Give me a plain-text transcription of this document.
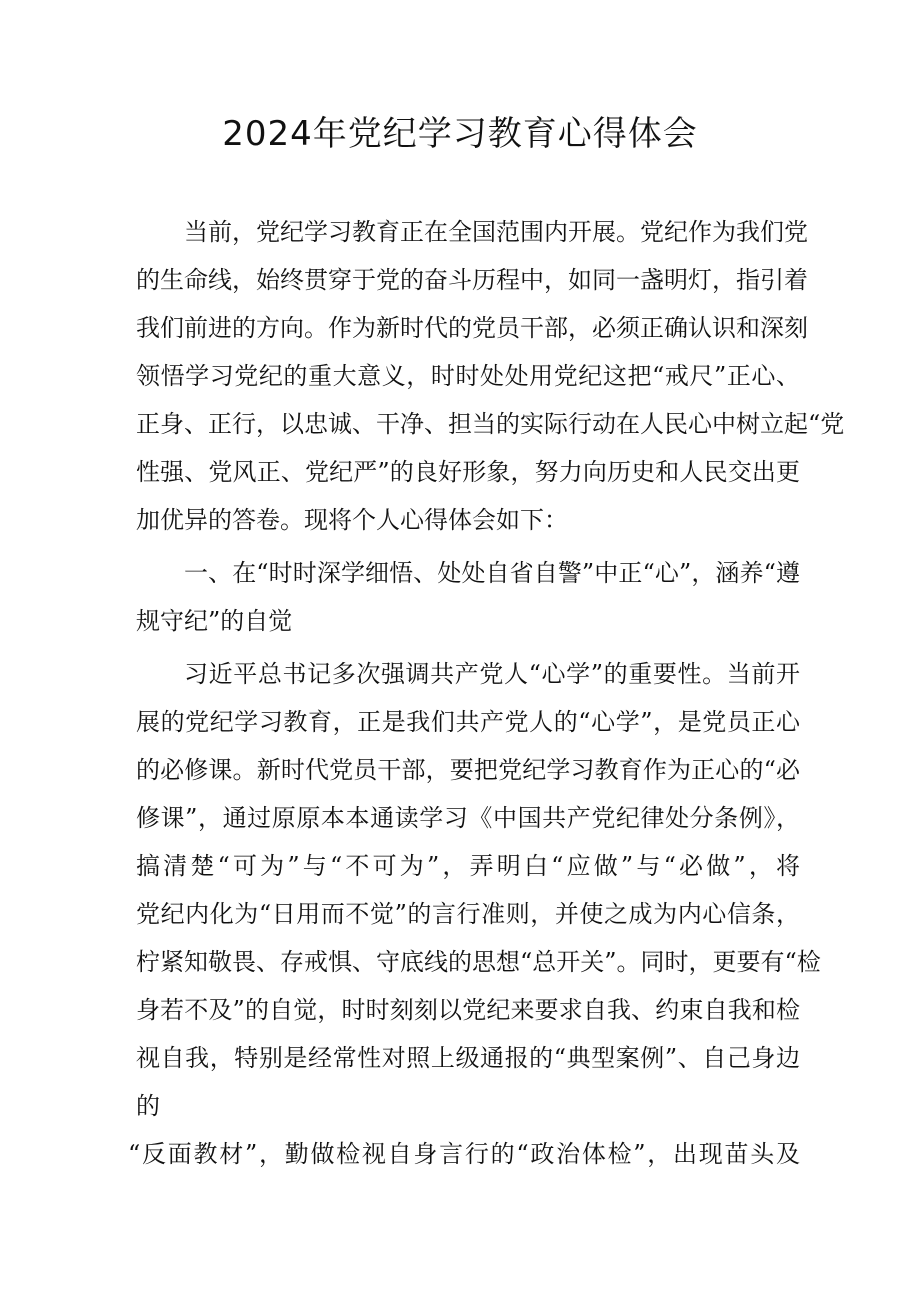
2024年党纪学习教育心得体会
当前，党纪学习教育正在全国范围内开展。党纪作为我们党
的生命线，始终贯穿于党的奋斗历程中，如同一盏明灯，指引着
我们前进的方向。作为新时代的党员干部，必须正确认识和深刻
领悟学习党纪的重大意义，时时处处用党纪这把“戒尺”正心、
正身、正行，以忠诚、干净、担当的实际行动在人民心中树立起“党
性强、党风正、党纪严”的良好形象，努力向历史和人民交出更
加优异的答卷。现将个人心得体会如下：
一、在“时时深学细悟、处处自省自警”中正“心”，涵养“遵
规守纪”的自觉
习近平总书记多次强调共产党人“心学”的重要性。当前开
展的党纪学习教育，正是我们共产党人的“心学”，是党员正心
的必修课。新时代党员干部，要把党纪学习教育作为正心的“必
修课”，通过原原本本通读学习《中国共产党纪律处分条例》，
搞清楚“可为”与“不可为”，弄明白“应做”与“必做”，将
党纪内化为“日用而不觉”的言行准则，并使之成为内心信条，
柠紧知敬畏、存戒惧、守底线的思想“总开关”。同时，更要有“检
身若不及”的自觉，时时刻刻以党纪来要求自我、约束自我和检
视自我，特别是经常性对照上级通报的“典型案例”、自己身边
的
“反面教材”，勤做检视自身言行的“政治体检”，出现苗头及
